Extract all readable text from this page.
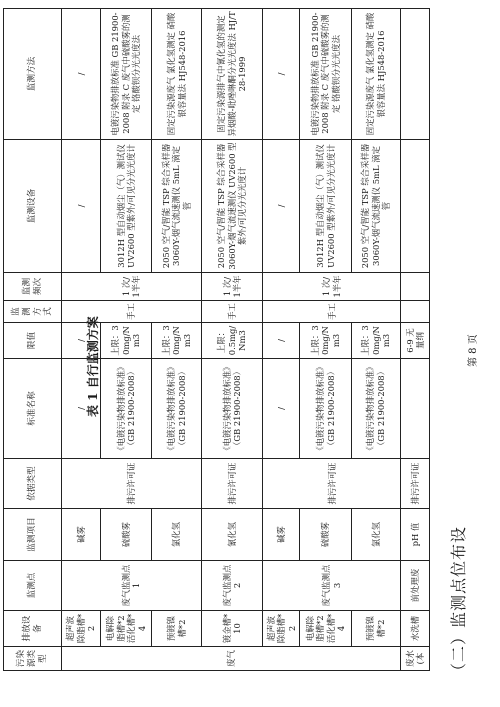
（二）监测点位布设
表 1 自行监测方案
污染源类型	排放设备	监测点	监测项目	依据类型	标准名称	限值	监测方式	监测频次	监测设备	监测方法
废气	超声波除脂槽*2	废气监测点 1	碱雾	排污许可证	/	/	手工	1 次/1半年	/	/
	电解除脂槽*2活化槽*4		硫酸雾		《电镀污染物排放标准》（GB 21900-2008）	上限：30mg/Nm3			3012H 型自动烟尘（气）测试仪 UV2600 型紫外/可见分光光度计	电镀污染物排放标准 GB 21900-2008 附录 C 废气中硫酸雾的测定 铬酸钡分光光度法
	预镀镍槽*2		氯化氢		《电镀污染物排放标准》（GB 21900-2008）	上限：30mg/Nm3			2050 空气/智能 TSP 综合采样器 3060Y-烟气流速测仪 5mL 滴定管	固定污染源废气 氯化氢测定 硝酸银容量法 HJ548-2016
	镀金槽*10	废气监测点 2	氰化氢	排污许可证	《电镀污染物排放标准》（GB 21900-2008）	上限：0.5mg/Nm3	手工	1 次/1半年	2050 空气/智能 TSP 综合采样器 3060Y-烟气流速测仪 UV2600 型紫外/可见分光光度计	固定污染源排气中氰化氢的测定 异烟酸-吡唑啉酮分光光度法 HJ/T 28-1999
	超声波除脂槽*2	废气监测点 3	碱雾	排污许可证	/	/	手工	1 次/1半年	/	/
	电解除脂槽*2活化槽*4		硫酸雾		《电镀污染物排放标准》（GB 21900-2008）	上限：30mg/Nm3			3012H 型自动烟尘（气）测试仪 UV2600 型紫外/可见分光光度计	电镀污染物排放标准 GB 21900-2008 附录 C 废气中硫酸雾的测定 铬酸钡分光光度法
	预镀镍槽*2		氯化氢		《电镀污染物排放标准》（GB 21900-2008）	上限：30mg/Nm3			2050 空气/智能 TSP 综合采样器 3060Y-烟气流速测仪 5mL 滴定管	固定污染源废气 氯化氢测定 硝酸银容量法 HJ548-2016
废水(本	水洗槽	前处理废	pH 值	排污许可证		6-9 无量纲					第 8 页
